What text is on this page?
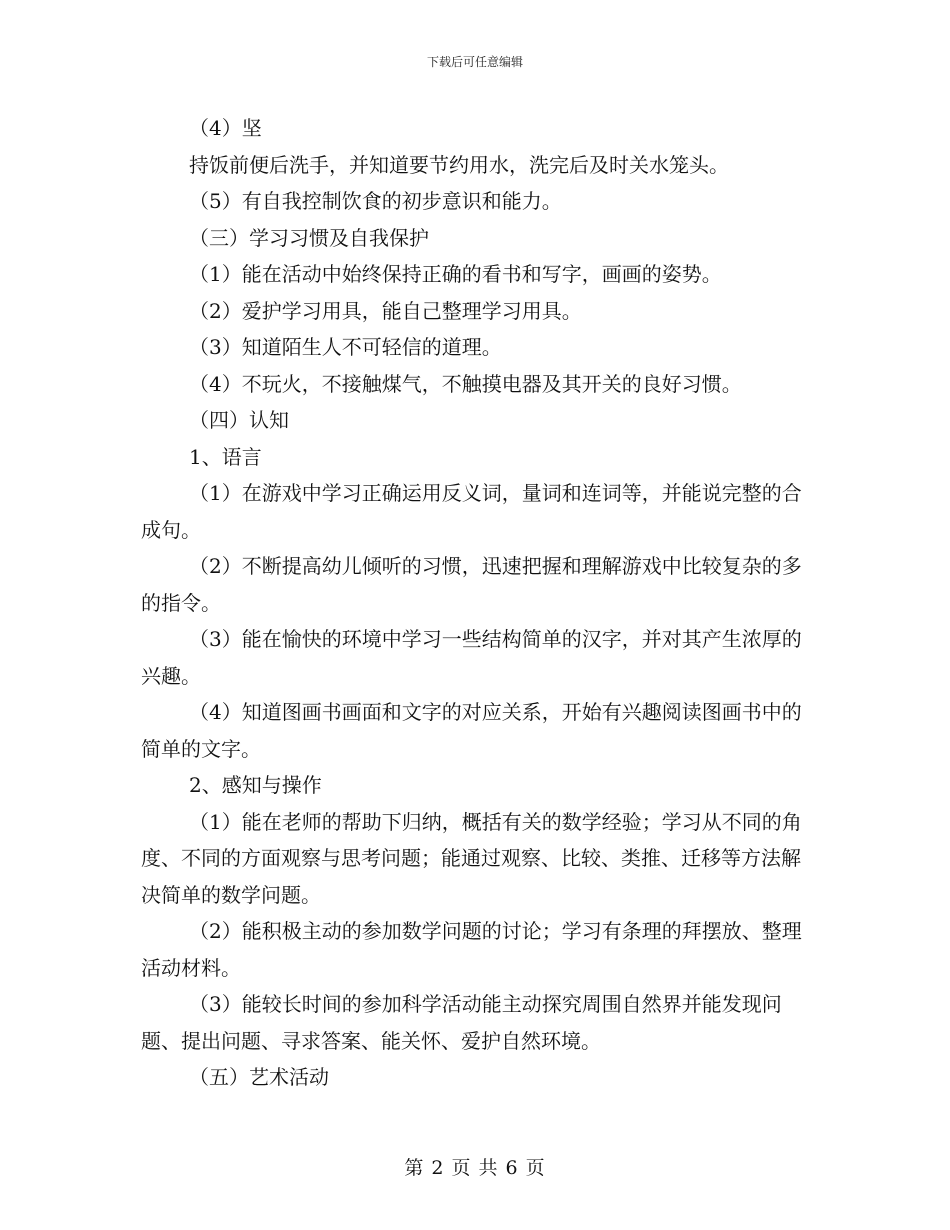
下载后可任意编辑

（4）坚

持饭前便后洗手，并知道要节约用水，洗完后及时关水笼头。

（5）有自我控制饮食的初步意识和能力。

（三）学习习惯及自我保护

（1）能在活动中始终保持正确的看书和写字，画画的姿势。

（2）爱护学习用具，能自己整理学习用具。

（3）知道陌生人不可轻信的道理。

（4）不玩火，不接触煤气，不触摸电器及其开关的良好习惯。

（四）认知

1、语言

（1）在游戏中学习正确运用反义词，量词和连词等，并能说完整的合成句。

（2）不断提高幼儿倾听的习惯，迅速把握和理解游戏中比较复杂的多的指令。

（3）能在愉快的环境中学习一些结构简单的汉字，并对其产生浓厚的兴趣。

（4）知道图画书画面和文字的对应关系，开始有兴趣阅读图画书中的简单的文字。

2、感知与操作

（1）能在老师的帮助下归纳，概括有关的数学经验；学习从不同的角度、不同的方面观察与思考问题；能通过观察、比较、类推、迁移等方法解决简单的数学问题。

（2）能积极主动的参加数学问题的讨论；学习有条理的拜摆放、整理活动材料。

（3）能较长时间的参加科学活动能主动探究周围自然界并能发现问题、提出问题、寻求答案、能关怀、爱护自然环境。

（五）艺术活动

第 2 页 共 6 页
